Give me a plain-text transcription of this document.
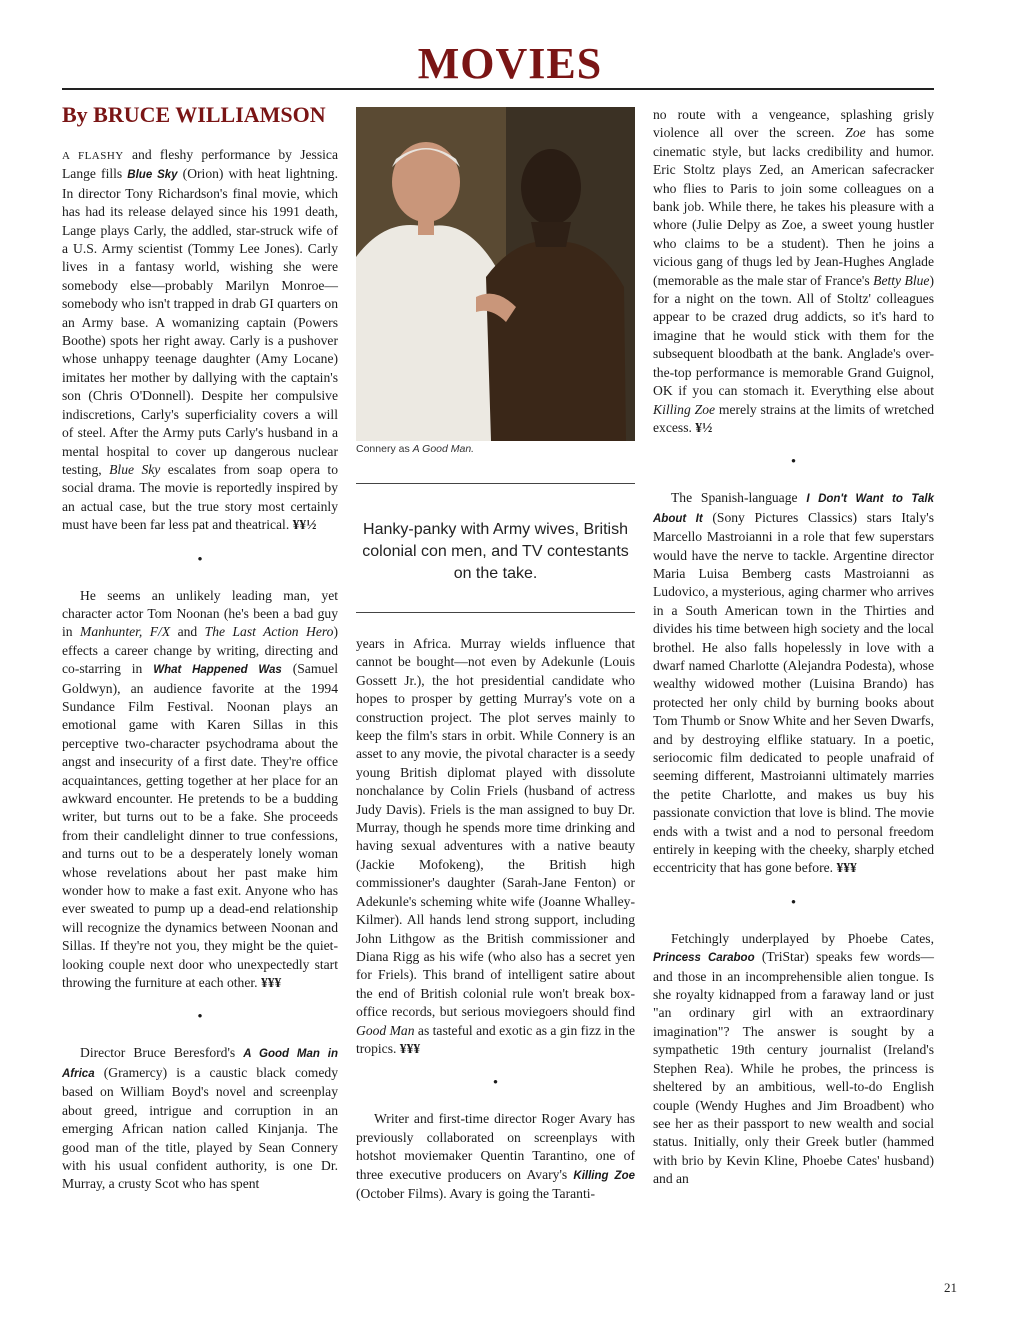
MOVIES
By BRUCE WILLIAMSON

A FLASHY and fleshy performance by Jessica Lange fills Blue Sky (Orion) with heat lightning. In director Tony Richardson's final movie, which has had its release delayed since his 1991 death, Lange plays Carly, the addled, star-struck wife of a U.S. Army scientist (Tommy Lee Jones). Carly lives in a fantasy world, wishing she were somebody else—probably Marilyn Monroe—somebody who isn't trapped in drab GI quarters on an Army base. A womanizing captain (Powers Boothe) spots her right away. Carly is a pushover whose unhappy teenage daughter (Amy Locane) imitates her mother by dallying with the captain's son (Chris O'Donnell). Despite her compulsive indiscretions, Carly's superficiality covers a will of steel. After the Army puts Carly's husband in a mental hospital to cover up dangerous nuclear testing, Blue Sky escalates from soap opera to social drama. The movie is reportedly inspired by an actual case, but the true story most certainly must have been far less pat and theatrical. ¥¥½

•

He seems an unlikely leading man, yet character actor Tom Noonan (he's been a bad guy in Manhunter, F/X and The Last Action Hero) effects a career change by writing, directing and co-starring in What Happened Was (Samuel Goldwyn), an audience favorite at the 1994 Sundance Film Festival. Noonan plays an emotional game with Karen Sillas in this perceptive two-character psychodrama about the angst and insecurity of a first date. They're office acquaintances, getting together at her place for an awkward encounter. He pretends to be a budding writer, but turns out to be a fake. She proceeds from their candlelight dinner to true confessions, and turns out to be a desperately lonely woman whose revelations about her past make him wonder how to make a fast exit. Anyone who has ever sweated to pump up a dead-end relationship will recognize the dynamics between Noonan and Sillas. If they're not you, they might be the quiet-looking couple next door who unexpectedly start throwing the furniture at each other. ¥¥¥

•

Director Bruce Beresford's A Good Man in Africa (Gramercy) is a caustic black comedy based on William Boyd's novel and screenplay about greed, intrigue and corruption in an emerging African nation called Kinjanja. The good man of the title, played by Sean Connery with his usual confident authority, is one Dr. Murray, a crusty Scot who has spent

Connery as A Good Man.
Hanky-panky with Army wives, British colonial con men, and TV contestants on the take.

years in Africa. Murray wields influence that cannot be bought—not even by Adekunle (Louis Gossett Jr.), the hot presidential candidate who hopes to prosper by getting Murray's vote on a construction project. The plot serves mainly to keep the film's stars in orbit. While Connery is an asset to any movie, the pivotal character is a seedy young British diplomat played with dissolute nonchalance by Colin Friels (husband of actress Judy Davis). Friels is the man assigned to buy Dr. Murray, though he spends more time drinking and having sexual adventures with a native beauty (Jackie Mofokeng), the British high commissioner's daughter (Sarah-Jane Fenton) or Adekunle's scheming white wife (Joanne Whalley-Kilmer). All hands lend strong support, including John Lithgow as the British commissioner and Diana Rigg as his wife (who also has a secret yen for Friels). This brand of intelligent satire about the end of British colonial rule won't break box-office records, but serious moviegoers should find Good Man as tasteful and exotic as a gin fizz in the tropics. ¥¥¥

•

Writer and first-time director Roger Avary has previously collaborated on screenplays with hotshot moviemaker Quentin Tarantino, one of three executive producers on Avary's Killing Zoe (October Films). Avary is going the Taranti-

no route with a vengeance, splashing grisly violence all over the screen. Zoe has some cinematic style, but lacks credibility and humor. Eric Stoltz plays Zed, an American safecracker who flies to Paris to join some colleagues on a bank job. While there, he takes his pleasure with a whore (Julie Delpy as Zoe, a sweet young hustler who claims to be a student). Then he joins a vicious gang of thugs led by Jean-Hughes Anglade (memorable as the male star of France's Betty Blue) for a night on the town. All of Stoltz' colleagues appear to be crazed drug addicts, so it's hard to imagine that he would stick with them for the subsequent bloodbath at the bank. Anglade's over-the-top performance is memorable Grand Guignol, OK if you can stomach it. Everything else about Killing Zoe merely strains at the limits of wretched excess. ¥½

•

The Spanish-language I Don't Want to Talk About It (Sony Pictures Classics) stars Italy's Marcello Mastroianni in a role that few superstars would have the nerve to tackle. Argentine director Maria Luisa Bemberg casts Mastroianni as Ludovico, a mysterious, aging charmer who arrives in a South American town in the Thirties and divides his time between high society and the local brothel. He also falls hopelessly in love with a dwarf named Charlotte (Alejandra Podesta), whose wealthy widowed mother (Luisina Brando) has protected her only child by burning books about Tom Thumb or Snow White and her Seven Dwarfs, and by destroying elflike statuary. In a poetic, seriocomic film dedicated to people unafraid of seeming different, Mastroianni ultimately marries the petite Charlotte, and makes us buy his passionate conviction that love is blind. The movie ends with a twist and a nod to personal freedom entirely in keeping with the cheeky, sharply etched eccentricity that has gone before. ¥¥¥

•

Fetchingly underplayed by Phoebe Cates, Princess Caraboo (TriStar) speaks few words—and those in an incomprehensible alien tongue. Is she royalty kidnapped from a faraway land or just "an ordinary girl with an extraordinary imagination"? The answer is sought by a sympathetic 19th century journalist (Ireland's Stephen Rea). While he probes, the princess is sheltered by an ambitious, well-to-do English couple (Wendy Hughes and Jim Broadbent) who see her as their passport to new wealth and social status. Initially, only their Greek butler (hammed with brio by Kevin Kline, Phoebe Cates' husband) and an

21
